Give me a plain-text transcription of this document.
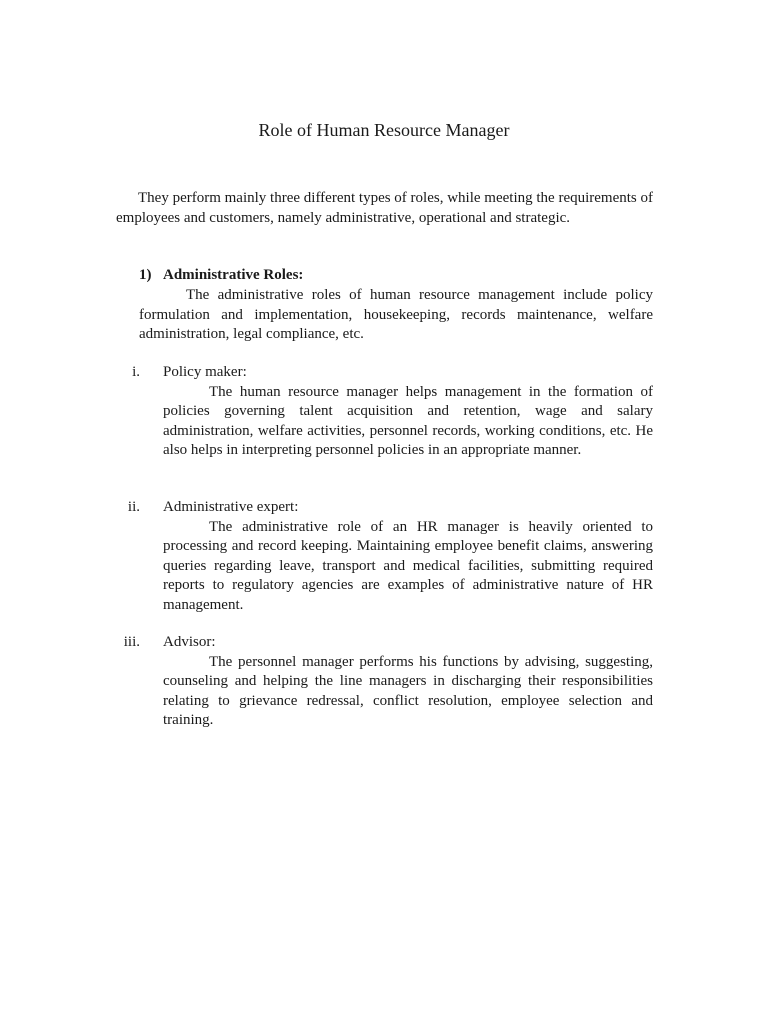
Role of Human Resource Manager

They perform mainly three different types of roles, while meeting the requirements of employees and customers, namely administrative, operational and strategic.

1) Administrative Roles:

The administrative roles of human resource management include policy formulation and implementation, housekeeping, records maintenance, welfare administration, legal compliance, etc.

i. Policy maker:

The human resource manager helps management in the formation of policies governing talent acquisition and retention, wage and salary administration, welfare activities, personnel records, working conditions, etc. He also helps in interpreting personnel policies in an appropriate manner.

ii. Administrative expert:

The administrative role of an HR manager is heavily oriented to processing and record keeping. Maintaining employee benefit claims, answering queries regarding leave, transport and medical facilities, submitting required reports to regulatory agencies are examples of administrative nature of HR management.

iii. Advisor:

The personnel manager performs his functions by advising, suggesting, counseling and helping the line managers in discharging their responsibilities relating to grievance redressal, conflict resolution, employee selection and training.
